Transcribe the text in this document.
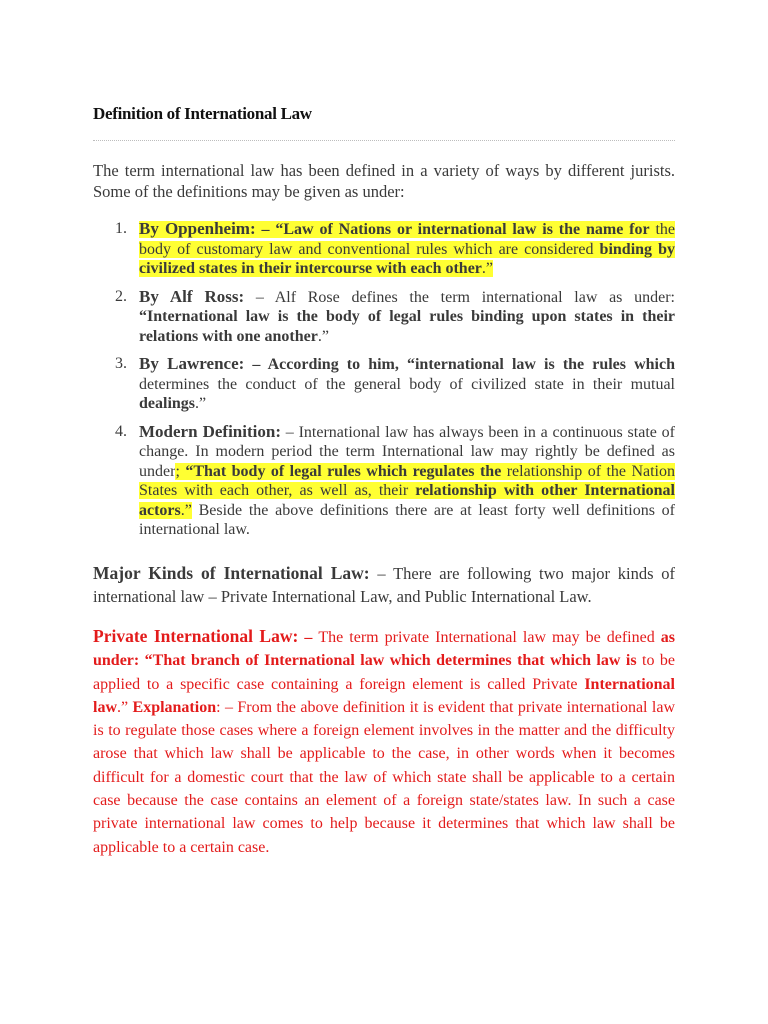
Definition of International Law

The term international law has been defined in a variety of ways by different jurists. Some of the definitions may be given as under:

1. By Oppenheim: – “Law of Nations or international law is the name for the body of customary law and conventional rules which are considered binding by civilized states in their intercourse with each other.”
2. By Alf Ross: – Alf Rose defines the term international law as under: “International law is the body of legal rules binding upon states in their relations with one another.”
3. By Lawrence: – According to him, “international law is the rules which determines the conduct of the general body of civilized state in their mutual dealings.”
4. Modern Definition: – International law has always been in a continuous state of change. In modern period the term International law may rightly be defined as under; “That body of legal rules which regulates the relationship of the Nation States with each other, as well as, their relationship with other International actors.” Beside the above definitions there are at least forty well definitions of international law.

Major Kinds of International Law: – There are following two major kinds of international law – Private International Law, and Public International Law.

Private International Law: – The term private International law may be defined as under: “That branch of International law which determines that which law is to be applied to a specific case containing a foreign element is called Private International law.” Explanation: – From the above definition it is evident that private international law is to regulate those cases where a foreign element involves in the matter and the difficulty arose that which law shall be applicable to the case, in other words when it becomes difficult for a domestic court that the law of which state shall be applicable to a certain case because the case contains an element of a foreign state/states law. In such a case private international law comes to help because it determines that which law shall be applicable to a certain case.
